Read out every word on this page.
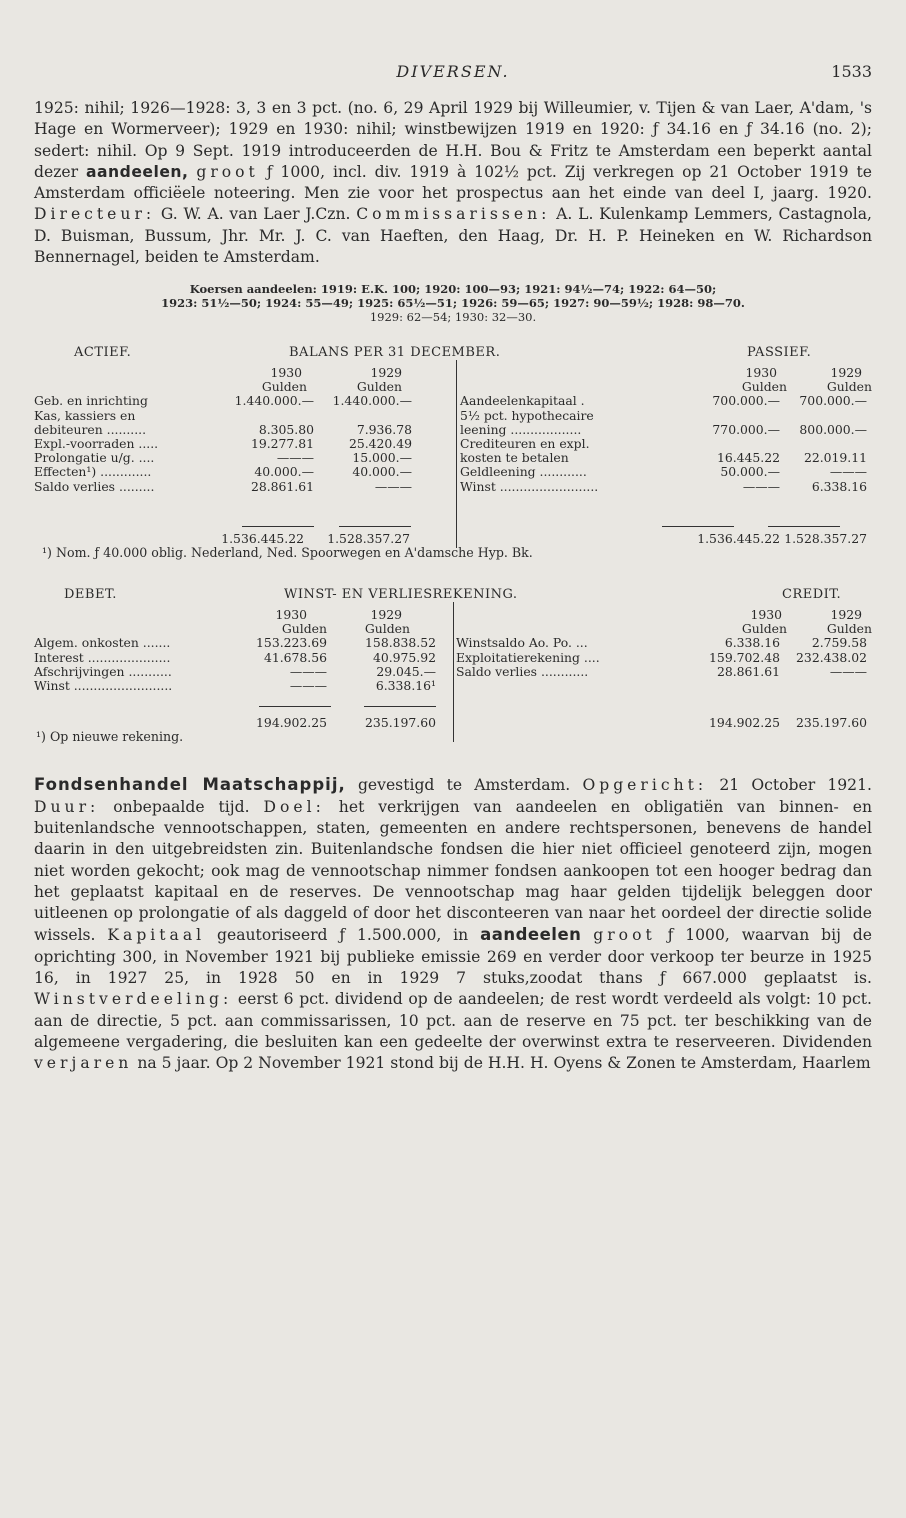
DIVERSEN.	1533

1925: nihil; 1926—1928: 3, 3 en 3 pct. (no. 6, 29 April 1929 bij Willeumier, v. Tijen & van Laer, A'dam, 's Hage en Wormerveer); 1929 en 1930: nihil; winstbewijzen 1919 en 1920: ƒ 34.16 en ƒ 34.16 (no. 2); sedert: nihil. Op 9 Sept. 1919 introduceerden de H.H. Bou & Fritz te Amsterdam een beperkt aantal dezer aandeelen, groot ƒ 1000, incl. div. 1919 à 102½ pct. Zij verkregen op 21 October 1919 te Amsterdam officiëele noteering. Men zie voor het prospectus aan het einde van deel I, jaarg. 1920. Directeur: G. W. A. van Laer J.Czn. Commissarissen: A. L. Kulenkamp Lemmers, Castagnola, D. Buisman, Bussum, Jhr. Mr. J. C. van Haeften, den Haag, Dr. H. P. Heineken en W. Richardson Bennernagel, beiden te Amsterdam.

Koersen aandeelen: 1919: E.K. 100; 1920: 100—93; 1921: 94½—74; 1922: 64—50;
1923: 51½—50; 1924: 55—49; 1925: 65½—51; 1926: 59—65; 1927: 90—59½; 1928: 98—70.
1929: 62—54; 1930: 32—30.
ACTIEF.	BALANS PER 31 DECEMBER.	PASSIEF.
1930	1929	1930	1929
Gulden	Gulden	Gulden	Gulden
Geb. en inrichting	1.440.000.— 1.440.000.—
Kas, kassiers en
debiteuren ..........	8.305.80	7.936.78
Expl.-voorraden .....	19.277.81	25.420.49
Prolongatie u/g. ....	———	15.000.—
Effecten¹) .............	40.000.—	40.000.—
Saldo verlies .........	28.861.61	———
Aandeelenkapitaal .	700.000.— 700.000.—
5½ pct. hypothecaire
leening ..................	770.000.— 800.000.—
Crediteuren en expl.
kosten te betalen	16.445.22 22.019.11
Geldleening ............	50.000.—	———
Winst .........................	———	6.338.16
1.536.445.22 1.528.357.27	1.536.445.22 1.528.357.27
¹) Nom. ƒ 40.000 oblig. Nederland, Ned. Spoorwegen en A'damsche Hyp. Bk.
DEBET.	WINST- EN VERLIESREKENING.	CREDIT.
1930	1929	1930	1929
Gulden	Gulden	Gulden	Gulden
Algem. onkosten .......	153.223.69	158.838.52
Interest .....................	41.678.56	40.975.92
Afschrijvingen ...........	———	29.045.—
Winst .........................	———	6.338.16¹
Winstsaldo Ao. Po. ...	6.338.16	2.759.58
Exploitatierekening ....	159.702.48 232.438.02
Saldo verlies ............	28.861.61	———
194.902.25	235.197.60	194.902.25 235.197.60
¹) Op nieuwe rekening.

Fondsenhandel Maatschappij, gevestigd te Amsterdam. Opgericht: 21 October 1921. Duur: onbepaalde tijd. Doel: het verkrijgen van aandeelen en obligatiën van binnen- en buitenlandsche vennootschappen, staten, gemeenten en andere rechtspersonen, benevens de handel daarin in den uitgebreidsten zin. Buitenlandsche fondsen die hier niet officieel genoteerd zijn, mogen niet worden gekocht; ook mag de vennootschap nimmer fondsen aankoopen tot een hooger bedrag dan het geplaatst kapitaal en de reserves. De vennootschap mag haar gelden tijdelijk beleggen door uitleenen op prolongatie of als daggeld of door het disconteeren van naar het oordeel der directie solide wissels. Kapitaal geautoriseerd ƒ 1.500.000, in aandeelen groot ƒ 1000, waarvan bij de oprichting 300, in November 1921 bij publieke emissie 269 en verder door verkoop ter beurze in 1925 16, in 1927 25, in 1928 50 en in 1929 7 stuks,zoodat thans ƒ 667.000 geplaatst is. Winstverdeeling: eerst 6 pct. dividend op de aandeelen; de rest wordt verdeeld als volgt: 10 pct. aan de directie, 5 pct. aan commissarissen, 10 pct. aan de reserve en 75 pct. ter beschikking van de algemeene vergadering, die besluiten kan een gedeelte der overwinst extra te reserveeren. Dividenden verjaren na 5 jaar. Op 2 November 1921 stond bij de H.H. H. Oyens & Zonen te Amsterdam, Haarlem
